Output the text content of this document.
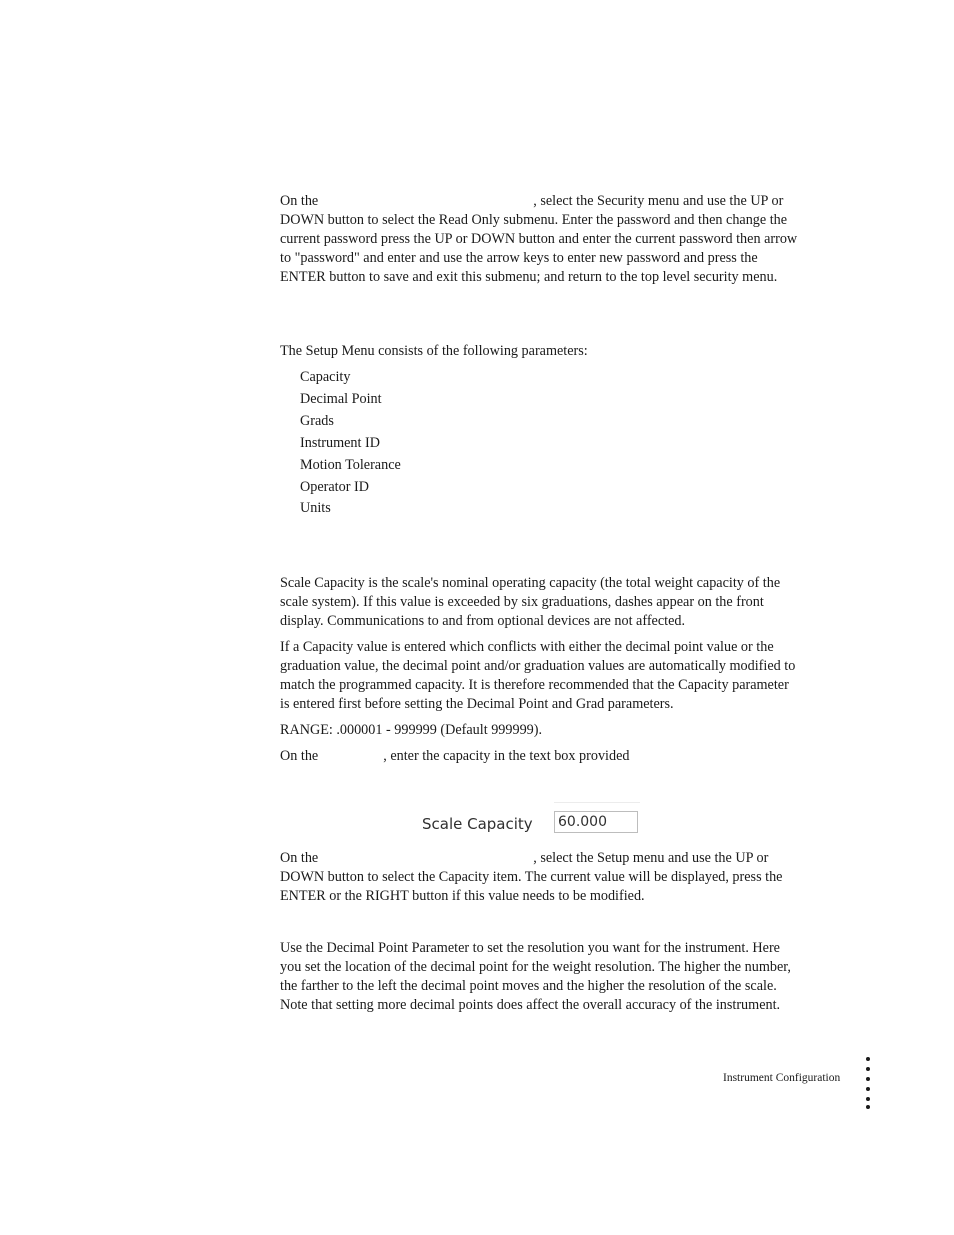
On the	, select the Security menu and use the UP or
DOWN button to select the Read Only submenu. Enter the password and then change the
current password press the UP or DOWN button and enter the current password then arrow
to "password" and enter and use the arrow keys to enter new password and press the
ENTER button to save and exit this submenu; and return to the top level security menu.
The Setup Menu consists of the following parameters:
Capacity
Decimal Point
Grads
Instrument ID
Motion Tolerance
Operator ID
Units
Scale Capacity is the scale's nominal operating capacity (the total weight capacity of the
scale system). If this value is exceeded by six graduations, dashes appear on the front
display. Communications to and from optional devices are not affected.
If a Capacity value is entered which conflicts with either the decimal point value or the
graduation value, the decimal point and/or graduation values are automatically modified to
match the programmed capacity. It is therefore recommended that the Capacity parameter
is entered first before setting the Decimal Point and Grad parameters.
RANGE: .000001 - 999999 (Default 999999).
On the	, enter the capacity in the text box provided
Scale Capacity 60.000
On the	, select the Setup menu and use the UP or
DOWN button to select the Capacity item. The current value will be displayed, press the
ENTER or the RIGHT button if this value needs to be modified.
Use the Decimal Point Parameter to set the resolution you want for the instrument. Here
you set the location of the decimal point for the weight resolution. The higher the number,
the farther to the left the decimal point moves and the higher the resolution of the scale.
Note that setting more decimal points does affect the overall accuracy of the instrument.
Instrument Configuration
